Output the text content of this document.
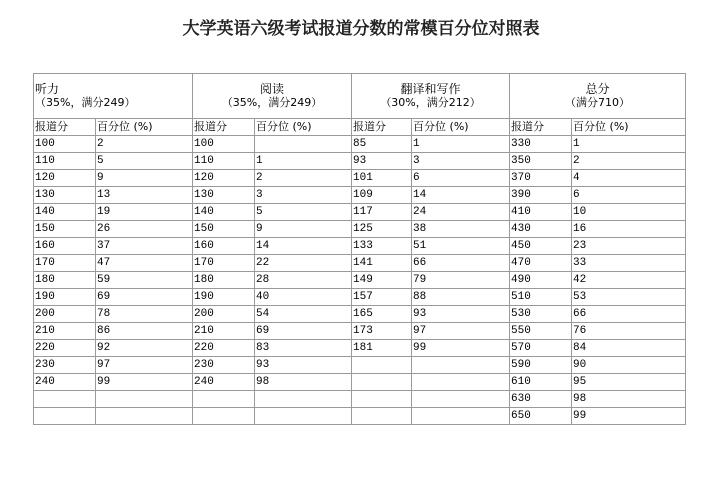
大学英语六级考试报道分数的常模百分位对照表
听力
（35%，满分249）		阅读
（35%，满分249）		翻译和写作
（30%，满分212）		总分
（满分710）	

报道分	百分位 (%)	报道分	百分位 (%)	报道分	百分位 (%)	报道分	百分位 (%)
100	2	100		85	1	330	1
110	5	110	1	93	3	350	2
120	9	120	2	101	6	370	4
130	13	130	3	109	14	390	6
140	19	140	5	117	24	410	10
150	26	150	9	125	38	430	16
160	37	160	14	133	51	450	23
170	47	170	22	141	66	470	33
180	59	180	28	149	79	490	42
190	69	190	40	157	88	510	53
200	78	200	54	165	93	530	66
210	86	210	69	173	97	550	76
220	92	220	83	181	99	570	84
230	97	230	93			590	90
240	99	240	98			610	95
						630	98
						650	99
